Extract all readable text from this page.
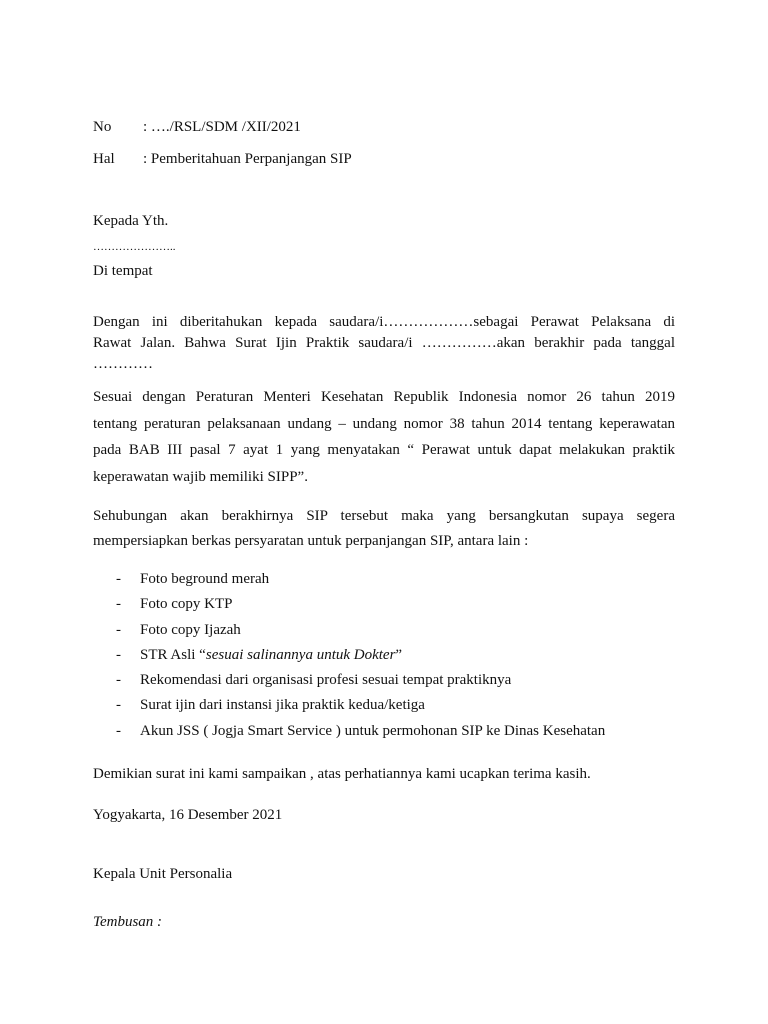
No : …./RSL/SDM /XII/2021
Hal : Pemberitahuan Perpanjangan SIP
Kepada Yth.
…………………..
Di tempat
Dengan ini diberitahukan kepada saudara/i………………sebagai Perawat Pelaksana di
Rawat Jalan. Bahwa Surat Ijin Praktik saudara/i ……………akan berakhir pada tanggal
…………
Sesuai dengan Peraturan Menteri Kesehatan Republik Indonesia nomor 26 tahun 2019
tentang peraturan pelaksanaan undang – undang nomor 38 tahun 2014 tentang keperawatan
pada BAB III pasal 7 ayat 1 yang menyatakan “ Perawat untuk dapat melakukan praktik
keperawatan wajib memiliki SIPP”.
Sehubungan akan berakhirnya SIP tersebut maka yang bersangkutan supaya segera
mempersiapkan berkas persyaratan untuk perpanjangan SIP, antara lain :
- Foto beground merah
- Foto copy KTP
- Foto copy Ijazah
- STR Asli “sesuai salinannya untuk Dokter”
- Rekomendasi dari organisasi profesi sesuai tempat praktiknya
- Surat ijin dari instansi jika praktik kedua/ketiga
- Akun JSS ( Jogja Smart Service ) untuk permohonan SIP ke Dinas Kesehatan
Demikian surat ini kami sampaikan , atas perhatiannya kami ucapkan terima kasih.
Yogyakarta, 16 Desember 2021
Kepala Unit Personalia
Tembusan :
